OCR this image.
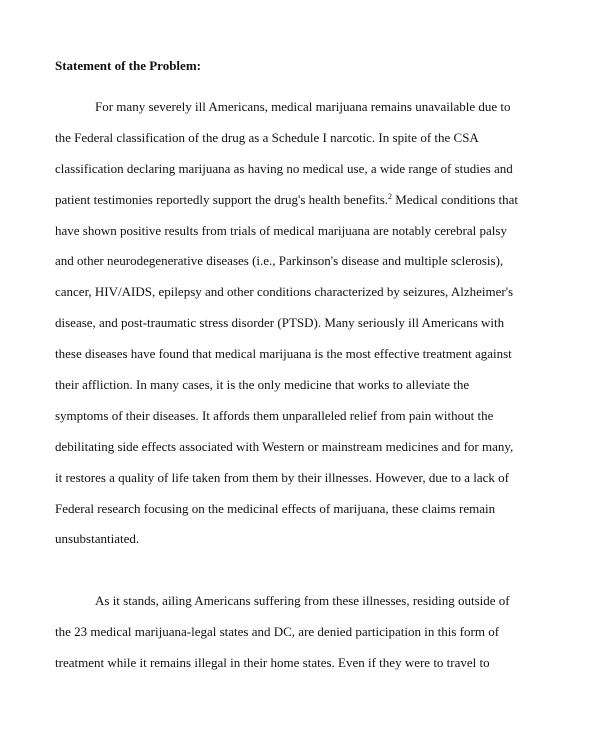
Statement of the Problem:
For many severely ill Americans, medical marijuana remains unavailable due to
the Federal classification of the drug as a Schedule I narcotic. In spite of the CSA
classification declaring marijuana as having no medical use, a wide range of studies and
patient testimonies reportedly support the drug's health benefits.$^2$ Medical conditions that
have shown positive results from trials of medical marijuana are notably cerebral palsy
and other neurodegenerative diseases (i.e., Parkinson's disease and multiple sclerosis),
cancer, HIV/AIDS, epilepsy and other conditions characterized by seizures, Alzheimer's
disease, and post-traumatic stress disorder (PTSD). Many seriously ill Americans with
these diseases have found that medical marijuana is the most effective treatment against
their affliction. In many cases, it is the only medicine that works to alleviate the
symptoms of their diseases. It affords them unparalleled relief from pain without the
debilitating side effects associated with Western or mainstream medicines and for many,
it restores a quality of life taken from them by their illnesses. However, due to a lack of
Federal research focusing on the medicinal effects of marijuana, these claims remain
unsubstantiated.
As it stands, ailing Americans suffering from these illnesses, residing outside of
the 23 medical marijuana-legal states and DC, are denied participation in this form of
treatment while it remains illegal in their home states. Even if they were to travel to
